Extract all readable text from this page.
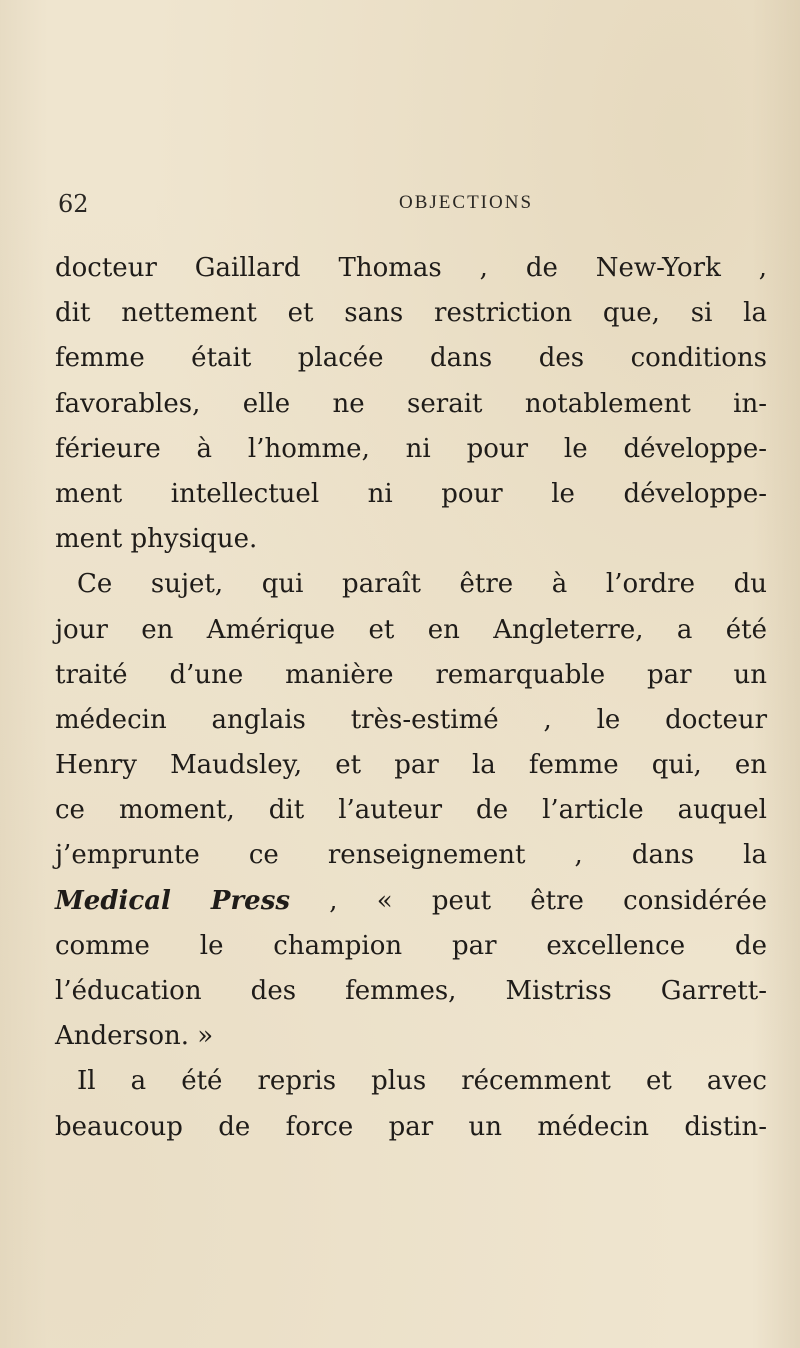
62	OBJECTIONS
docteur Gaillard Thomas , de New-York ,
dit nettement et sans restriction que, si la
femme était placée dans des conditions
favorables, elle ne serait notablement in-
férieure à l’homme, ni pour le développe-
ment intellectuel ni pour le développe-
ment physique.
Ce sujet, qui paraît être à l’ordre du
jour en Amérique et en Angleterre, a été
traité d’une manière remarquable par un
médecin anglais très-estimé , le docteur
Henry Maudsley, et par la femme qui, en
ce moment, dit l’auteur de l’article auquel
j’emprunte ce renseignement , dans la
Medical Press , « peut être considérée
comme le champion par excellence de
l’éducation des femmes, Mistriss Garrett-
Anderson. »
Il a été repris plus récemment et avec
beaucoup de force par un médecin distin-
